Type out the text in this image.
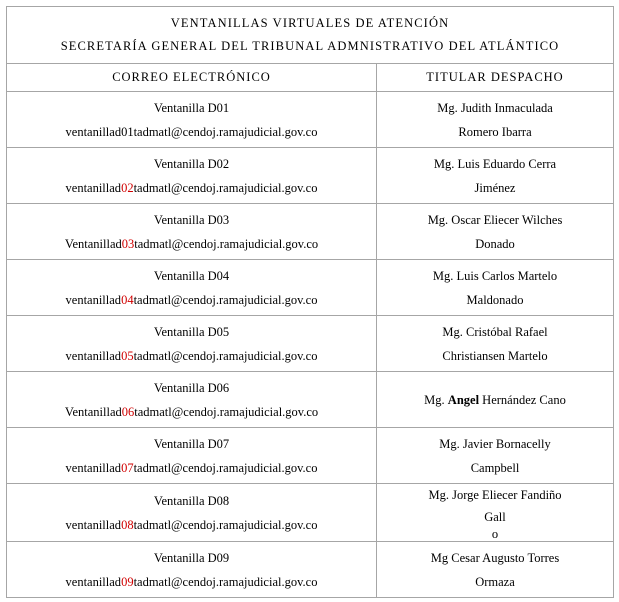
VENTANILLAS VIRTUALES DE ATENCIÓN
SECRETARÍA GENERAL DEL TRIBUNAL ADMNISTRATIVO DEL ATLÁNTICO	

CORREO ELECTRÓNICO	TITULAR DESPACHO

Ventanilla D01
ventanillad01tadmatl@cendoj.ramajudicial.gov.co	Mg. Judith Inmaculada
Romero Ibarra

Ventanilla D02
ventanillad02tadmatl@cendoj.ramajudicial.gov.co	Mg. Luis Eduardo Cerra
Jiménez

Ventanilla D03
Ventanillad03tadmatl@cendoj.ramajudicial.gov.co	Mg. Oscar Eliecer Wilches
Donado

Ventanilla D04
ventanillad04tadmatl@cendoj.ramajudicial.gov.co	Mg. Luis Carlos Martelo
Maldonado

Ventanilla D05
ventanillad05tadmatl@cendoj.ramajudicial.gov.co	Mg. Cristóbal Rafael
Christiansen Martelo

Ventanilla D06
Ventanillad06tadmatl@cendoj.ramajudicial.gov.co	Mg. Angel Hernández Cano

Ventanilla D07
ventanillad07tadmatl@cendoj.ramajudicial.gov.co	Mg. Javier Bornacelly
Campbell

Ventanilla D08
ventanillad08tadmatl@cendoj.ramajudicial.gov.co	Mg. Jorge Eliecer Fandiño
Gall
o

Ventanilla D09
ventanillad09tadmatl@cendoj.ramajudicial.gov.co	Mg Cesar Augusto Torres
Ormaza
